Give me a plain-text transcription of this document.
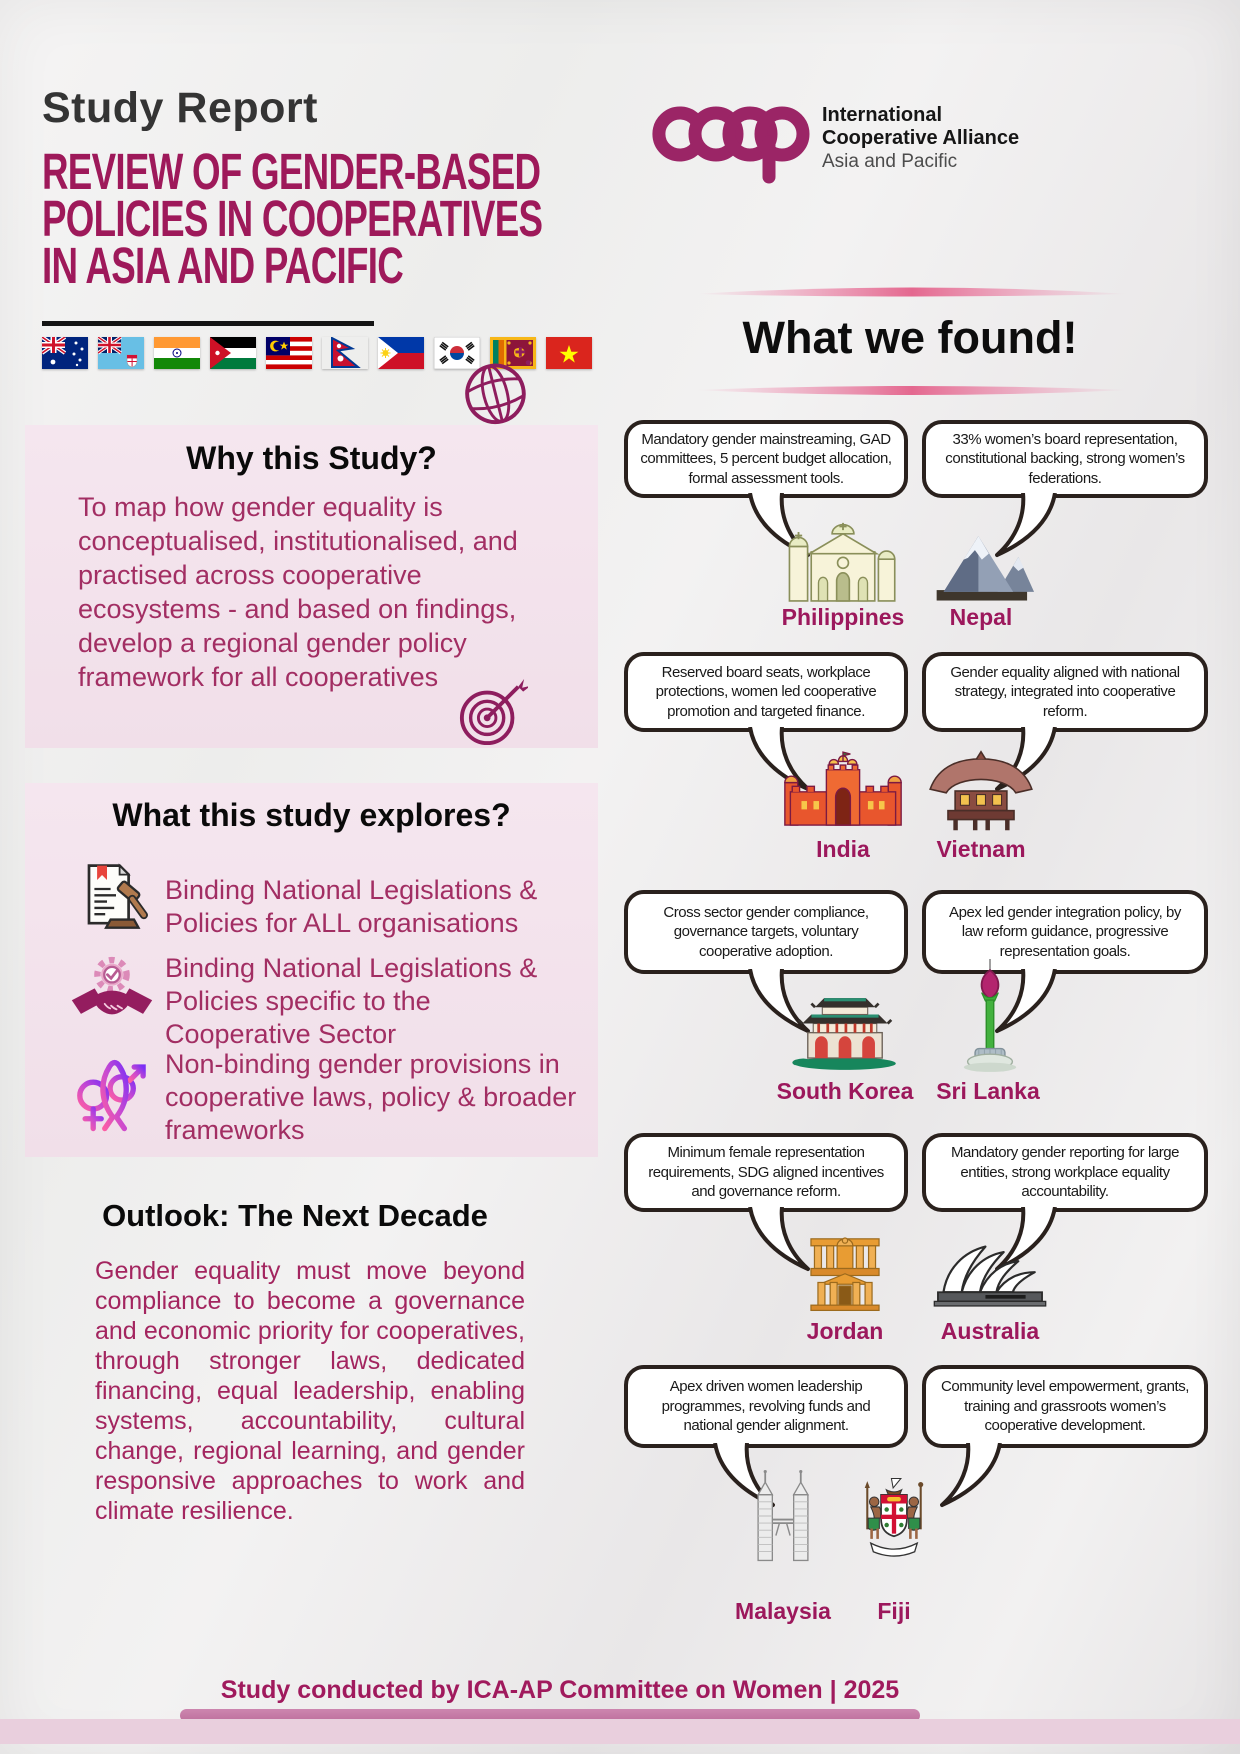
Study Report
REVIEW OF GENDER-BASED
POLICIES IN COOPERATIVES
IN ASIA AND PACIFIC
International
Cooperative Alliance
Asia and Pacific
Why this Study?
To map how gender equality is conceptualised, institutionalised, and practised across cooperative ecosystems - and based on findings, develop a regional gender policy framework for all cooperatives
What this study explores?
Binding National Legislations & Policies for ALL organisations
Binding National Legislations & Policies specific to the Cooperative Sector
Non-binding gender provisions in cooperative laws, policy & broader frameworks
Outlook: The Next Decade
Gender equality must move beyond compliance to become a governance and economic priority for cooperatives, through stronger laws, dedicated financing, equal leadership, enabling systems, accountability, cultural change, regional learning, and gender responsive approaches to work and climate resilience.
What we found!
Mandatory gender mainstreaming, GAD committees, 5 percent budget allocation, formal assessment tools.
33% women’s board representation, constitutional backing, strong women’s federations.
Philippines	Nepal
Reserved board seats, workplace protections, women led cooperative promotion and targeted finance.
Gender equality aligned with national strategy, integrated into cooperative reform.
India	Vietnam
Cross sector gender compliance, governance targets, voluntary cooperative adoption.
Apex led gender integration policy, by law reform guidance, progressive representation goals.
South Korea Sri Lanka
Minimum female representation requirements, SDG aligned incentives and governance reform.
Mandatory gender reporting for large entities, strong workplace equality accountability.
Jordan	Australia
Apex driven women leadership programmes, revolving funds and national gender alignment.
Community level empowerment, grants, training and grassroots women’s cooperative development.
Malaysia	Fiji
Study conducted by ICA-AP Committee on Women | 2025
